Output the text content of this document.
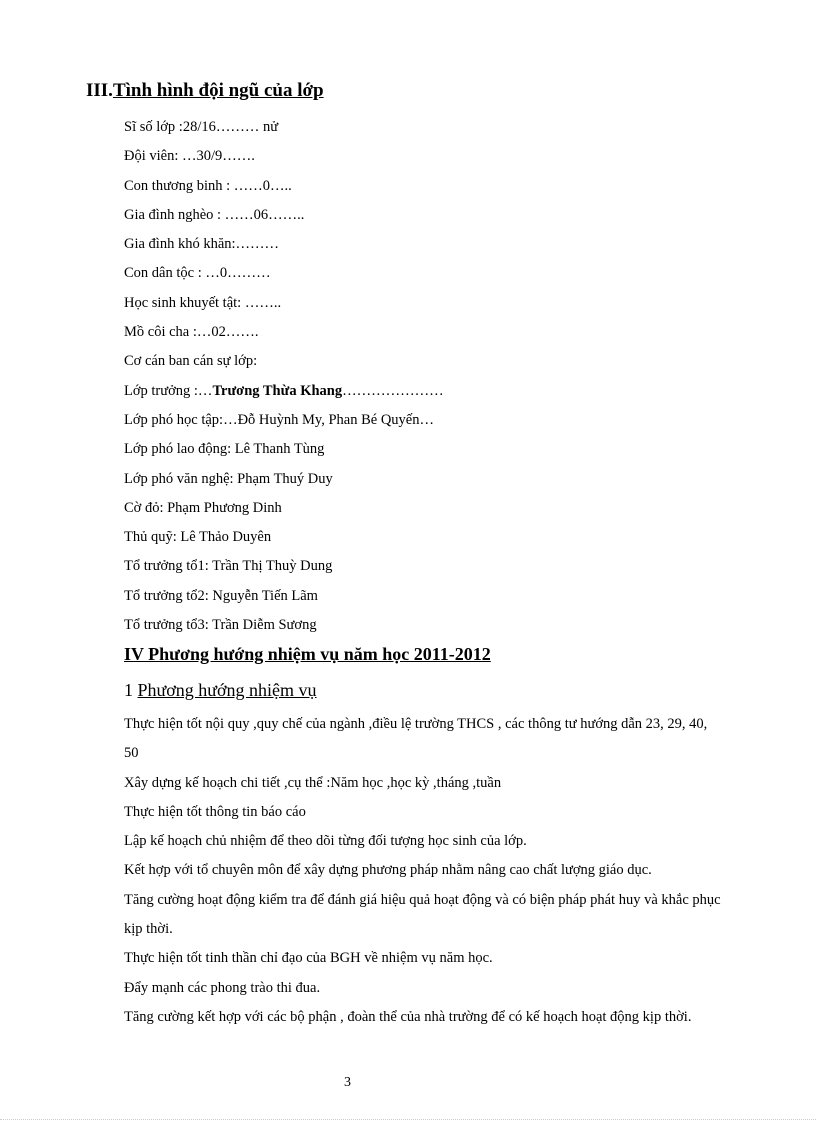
III.Tình hình đội ngũ của lớp
Sĩ số lớp :28/16……… nử
Đội viên: …30/9…….
Con thương binh : ……0…..
Gia đình nghèo : ……06……..
Gia đình khó khăn:………
Con dân tộc : …0………
Học sinh khuyết tật: ……..
Mồ côi cha :…02…….
Cơ cán ban cán sự lớp:
Lớp trưởng :…Trương Thừa Khang…………………
Lớp phó học tập:…Đỗ Huỳnh My, Phan Bé Quyến…
Lớp phó lao động: Lê Thanh Tùng
Lớp phó văn nghệ: Phạm Thuý Duy
Cờ đỏ: Phạm Phương Dinh
Thủ quỹ: Lê Thảo Duyên
Tổ trưởng tổ1: Trần Thị Thuỳ Dung
Tổ trưởng tổ2: Nguyễn Tiến Lãm
Tổ trưởng tổ3: Trần Diễm Sương
IV Phương hướng nhiệm vụ năm học 2011-2012
1 Phương hướng nhiệm vụ
Thực hiện tốt nội quy ,quy chế của ngành ,điều lệ trường THCS , các thông tư hướng dẫn 23, 29, 40, 50
Xây dựng kế hoạch chi tiết ,cụ thể :Năm học ,học kỳ ,tháng ,tuần
Thực hiện tốt thông tin báo cáo
Lập kế hoạch chủ nhiệm để theo dõi từng đối tượng học sinh của lớp.
Kết hợp với tổ chuyên môn để xây dựng phương pháp nhằm nâng cao chất lượng giáo dục.
Tăng cường hoạt động kiểm tra để đánh giá hiệu quả hoạt động và có biện pháp phát huy và khắc phục kịp thời.
Thực hiện tốt tinh thần chỉ đạo của BGH về nhiệm vụ năm học.
Đẩy mạnh các phong trào thi đua.
Tăng cường kết hợp với các bộ phận , đoàn thể của nhà trường để có kế hoạch hoạt động kịp thời.
3
